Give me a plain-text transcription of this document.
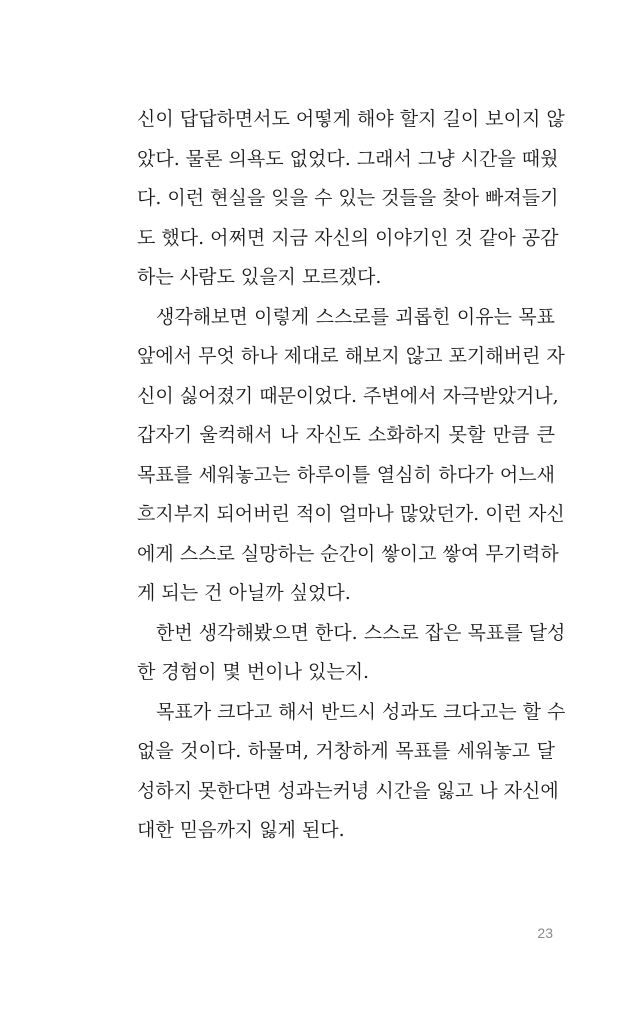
신이 답답하면서도 어떻게 해야 할지 길이 보이지 않
았다. 물론 의욕도 없었다. 그래서 그냥 시간을 때웠
다. 이런 현실을 잊을 수 있는 것들을 찾아 빠져들기
도 했다. 어쩌면 지금 자신의 이야기인 것 같아 공감
하는 사람도 있을지 모르겠다.
생각해보면 이렇게 스스로를 괴롭힌 이유는 목표
앞에서 무엇 하나 제대로 해보지 않고 포기해버린 자
신이 싫어졌기 때문이었다. 주변에서 자극받았거나,
갑자기 울컥해서 나 자신도 소화하지 못할 만큼 큰
목표를 세워놓고는 하루이틀 열심히 하다가 어느새
흐지부지 되어버린 적이 얼마나 많았던가. 이런 자신
에게 스스로 실망하는 순간이 쌓이고 쌓여 무기력하
게 되는 건 아닐까 싶었다.
한번 생각해봤으면 한다. 스스로 잡은 목표를 달성
한 경험이 몇 번이나 있는지.
목표가 크다고 해서 반드시 성과도 크다고는 할 수
없을 것이다. 하물며, 거창하게 목표를 세워놓고 달
성하지 못한다면 성과는커녕 시간을 잃고 나 자신에
대한 믿음까지 잃게 된다.
23
